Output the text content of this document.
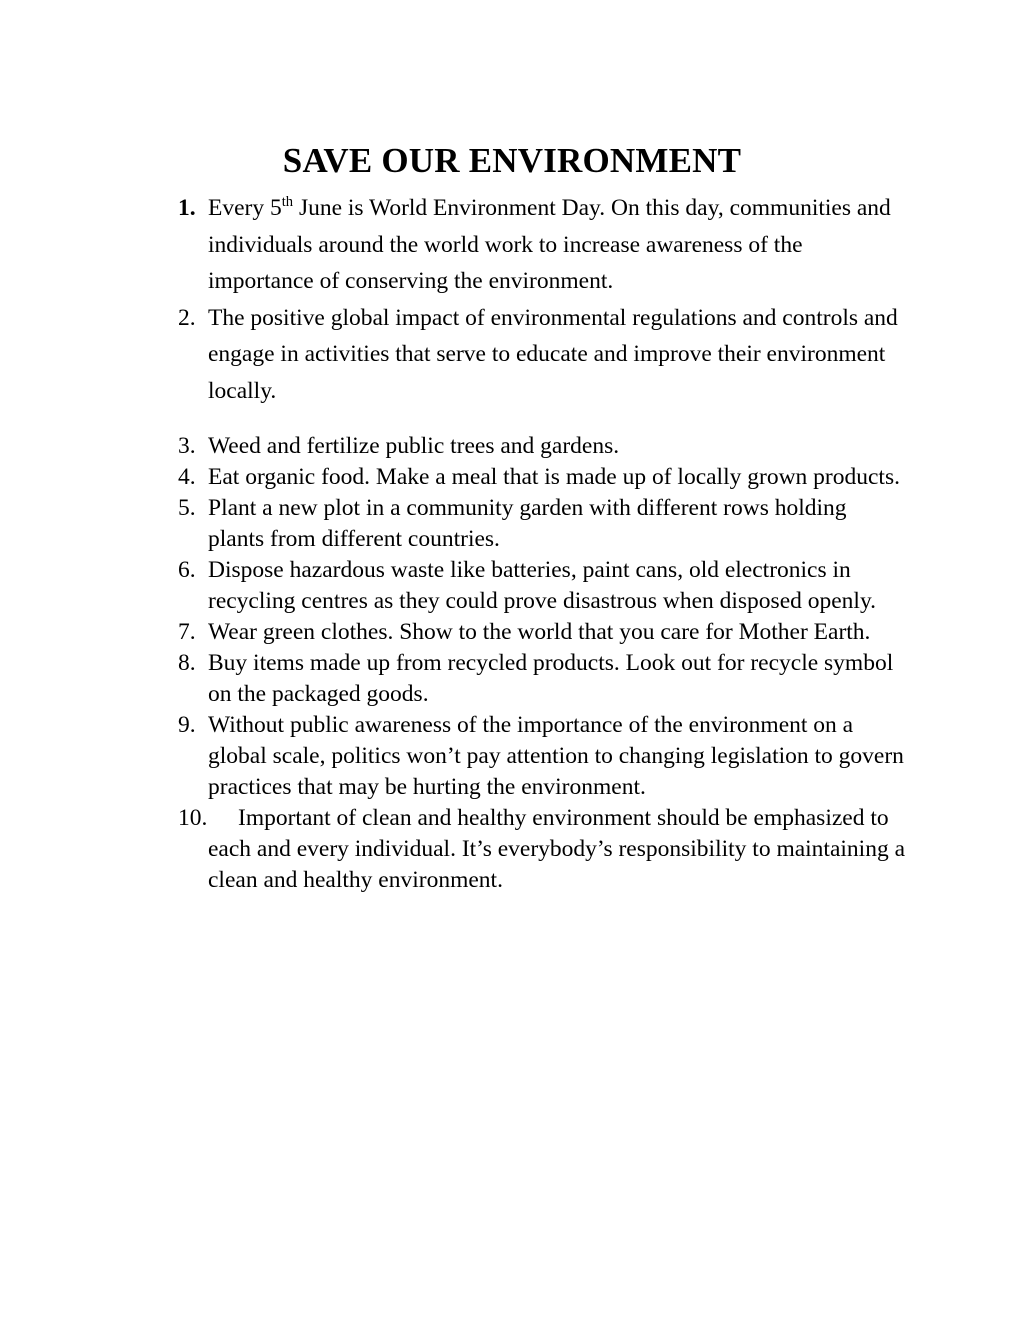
SAVE OUR ENVIRONMENT
1. Every 5th June is World Environment Day. On this day, communities and individuals around the world work to increase awareness of the importance of conserving the environment.
2. The positive global impact of environmental regulations and controls and engage in activities that serve to educate and improve their environment locally.
3. Weed and fertilize public trees and gardens.
4. Eat organic food. Make a meal that is made up of locally grown products.
5. Plant a new plot in a community garden with different rows holding plants from different countries.
6. Dispose hazardous waste like batteries, paint cans, old electronics in recycling centres as they could prove disastrous when disposed openly.
7. Wear green clothes. Show to the world that you care for Mother Earth.
8. Buy items made up from recycled products. Look out for recycle symbol on the packaged goods.
9. Without public awareness of the importance of the environment on a global scale, politics won’t pay attention to changing legislation to govern practices that may be hurting the environment.
10.	Important of clean and healthy environment should be emphasized to each and every individual. It’s everybody’s responsibility to maintaining a clean and healthy environment.
